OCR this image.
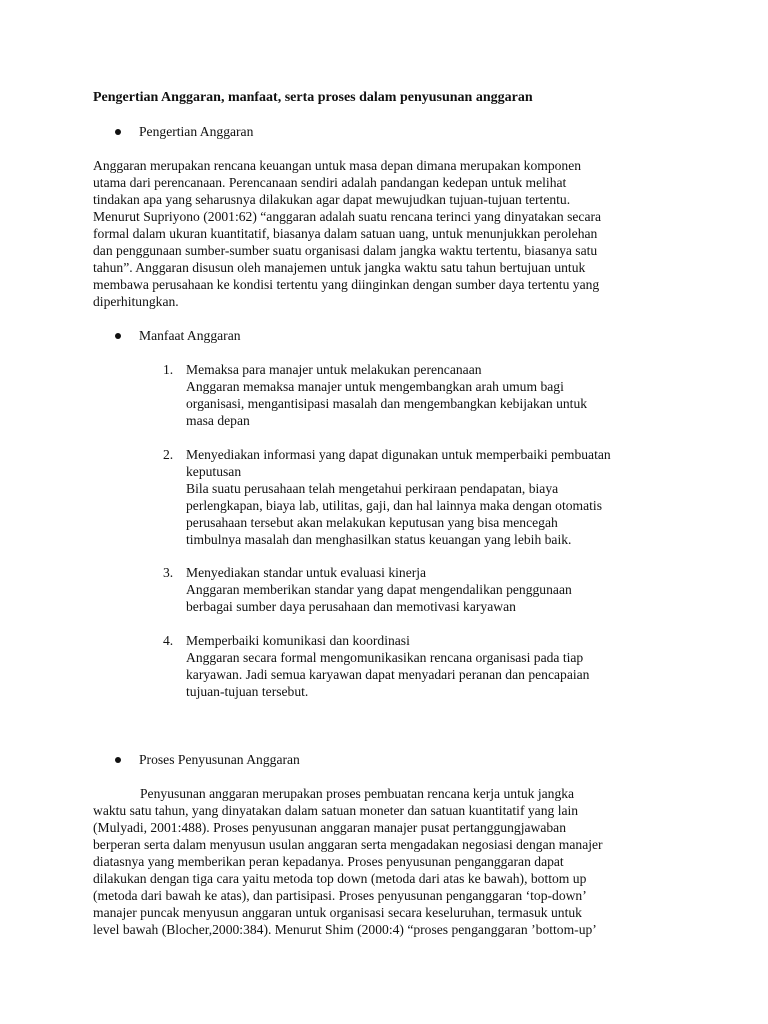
Pengertian Anggaran, manfaat, serta proses dalam penyusunan anggaran
Pengertian Anggaran
Anggaran merupakan rencana keuangan untuk masa depan dimana merupakan komponen
utama dari perencanaan. Perencanaan sendiri adalah pandangan kedepan untuk melihat
tindakan apa yang seharusnya dilakukan agar dapat mewujudkan tujuan-tujuan tertentu.
Menurut Supriyono (2001:62) “anggaran adalah suatu rencana terinci yang dinyatakan secara
formal dalam ukuran kuantitatif, biasanya dalam satuan uang, untuk menunjukkan perolehan
dan penggunaan sumber-sumber suatu organisasi dalam jangka waktu tertentu, biasanya satu
tahun”. Anggaran disusun oleh manajemen untuk jangka waktu satu tahun bertujuan untuk
membawa perusahaan ke kondisi tertentu yang diinginkan dengan sumber daya tertentu yang
diperhitungkan.
Manfaat Anggaran
1. Memaksa para manajer untuk melakukan perencanaan
Anggaran memaksa manajer untuk mengembangkan arah umum bagi
organisasi, mengantisipasi masalah dan mengembangkan kebijakan untuk
masa depan
2. Menyediakan informasi yang dapat digunakan untuk memperbaiki pembuatan
keputusan
Bila suatu perusahaan telah mengetahui perkiraan pendapatan, biaya
perlengkapan, biaya lab, utilitas, gaji, dan hal lainnya maka dengan otomatis
perusahaan tersebut akan melakukan keputusan yang bisa mencegah
timbulnya masalah dan menghasilkan status keuangan yang lebih baik.
3. Menyediakan standar untuk evaluasi kinerja
Anggaran memberikan standar yang dapat mengendalikan penggunaan
berbagai sumber daya perusahaan dan memotivasi karyawan
4. Memperbaiki komunikasi dan koordinasi
Anggaran secara formal mengomunikasikan rencana organisasi pada tiap
karyawan. Jadi semua karyawan dapat menyadari peranan dan pencapaian
tujuan-tujuan tersebut.
Proses Penyusunan Anggaran
Penyusunan anggaran merupakan proses pembuatan rencana kerja untuk jangka
waktu satu tahun, yang dinyatakan dalam satuan moneter dan satuan kuantitatif yang lain
(Mulyadi, 2001:488). Proses penyusunan anggaran manajer pusat pertanggungjawaban
berperan serta dalam menyusun usulan anggaran serta mengadakan negosiasi dengan manajer
diatasnya yang memberikan peran kepadanya. Proses penyusunan penganggaran dapat
dilakukan dengan tiga cara yaitu metoda top down (metoda dari atas ke bawah), bottom up
(metoda dari bawah ke atas), dan partisipasi. Proses penyusunan penganggaran ‘top-down’
manajer puncak menyusun anggaran untuk organisasi secara keseluruhan, termasuk untuk
level bawah (Blocher,2000:384). Menurut Shim (2000:4) “proses penganggaran ’bottom-up’
